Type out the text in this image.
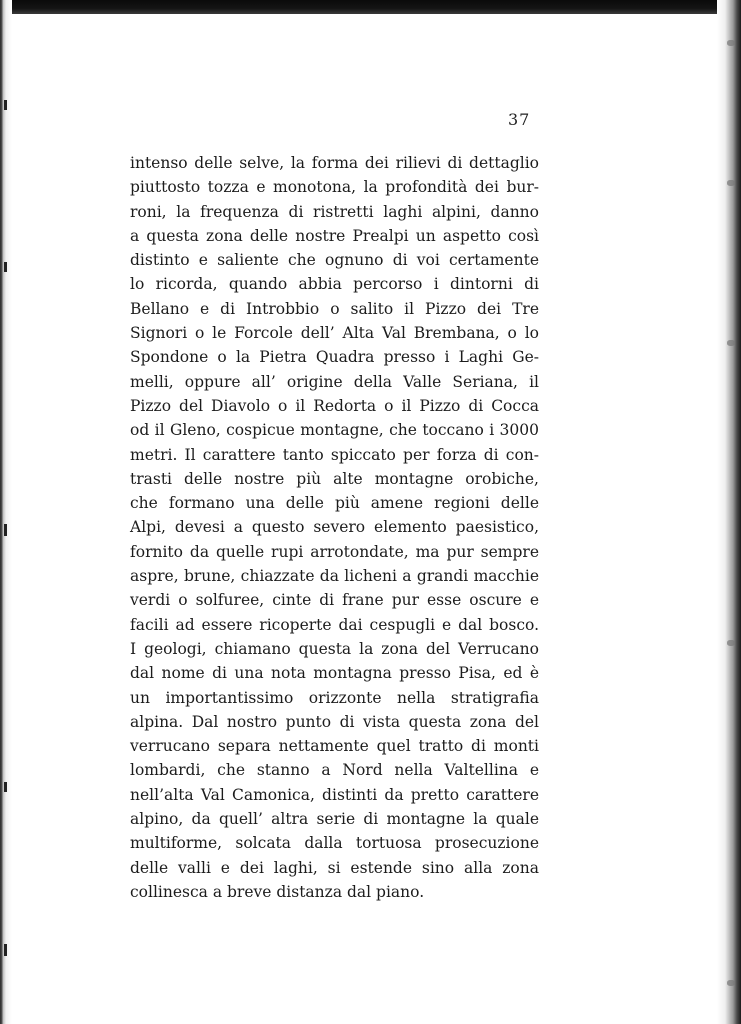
37

intenso delle selve, la forma dei rilievi di dettaglio
piuttosto tozza e monotona, la profondità dei bur-
roni, la frequenza di ristretti laghi alpini, danno
a questa zona delle nostre Prealpi un aspetto così
distinto e saliente che ognuno di voi certamente
lo ricorda, quando abbia percorso i dintorni di
Bellano e di Introbbio o salito il Pizzo dei Tre
Signori o le Forcole dell’ Alta Val Brembana, o lo
Spondone o la Pietra Quadra presso i Laghi Ge-
melli, oppure all’ origine della Valle Seriana, il
Pizzo del Diavolo o il Redorta o il Pizzo di Cocca
od il Gleno, cospicue montagne, che toccano i 3000
metri. Il carattere tanto spiccato per forza di con-
trasti delle nostre più alte montagne orobiche,
che formano una delle più amene regioni delle
Alpi, devesi a questo severo elemento paesistico,
fornito da quelle rupi arrotondate, ma pur sempre
aspre, brune, chiazzate da licheni a grandi macchie
verdi o solfuree, cinte di frane pur esse oscure e
facili ad essere ricoperte dai cespugli e dal bosco.
I geologi, chiamano questa la zona del Verrucano
dal nome di una nota montagna presso Pisa, ed è
un importantissimo orizzonte nella stratigrafia
alpina. Dal nostro punto di vista questa zona del
verrucano separa nettamente quel tratto di monti
lombardi, che stanno a Nord nella Valtellina e
nell’alta Val Camonica, distinti da pretto carattere
alpino, da quell’ altra serie di montagne la quale
multiforme, solcata dalla tortuosa prosecuzione
delle valli e dei laghi, si estende sino alla zona
collinesca a breve distanza dal piano.
